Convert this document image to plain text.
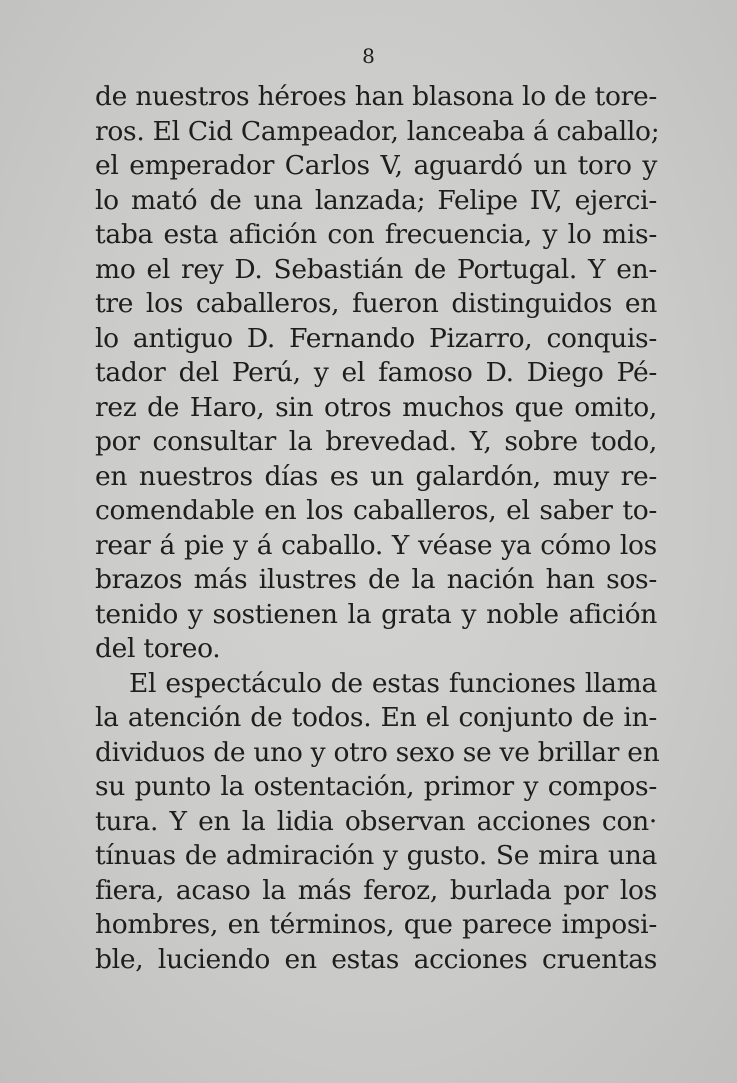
8
de nuestros héroes han blasona lo de tore-
ros. El Cid Campeador, lanceaba á caballo;
el emperador Carlos V, aguardó un toro y
lo mató de una lanzada; Felipe IV, ejerci-
taba esta afición con frecuencia, y lo mis-
mo el rey D. Sebastián de Portugal. Y en-
tre los caballeros, fueron distinguidos en
lo antiguo D. Fernando Pizarro, conquis-
tador del Perú, y el famoso D. Diego Pé-
rez de Haro, sin otros muchos que omito,
por consultar la brevedad. Y, sobre todo,
en nuestros días es un galardón, muy re-
comendable en los caballeros, el saber to-
rear á pie y á caballo. Y véase ya cómo los
brazos más ilustres de la nación han sos-
tenido y sostienen la grata y noble afición
del toreo.
El espectáculo de estas funciones llama
la atención de todos. En el conjunto de in-
dividuos de uno y otro sexo se ve brillar en
su punto la ostentación, primor y compos-
tura. Y en la lidia observan acciones con·
tínuas de admiración y gusto. Se mira una
fiera, acaso la más feroz, burlada por los
hombres, en términos, que parece imposi-
ble, luciendo en estas acciones cruentas
